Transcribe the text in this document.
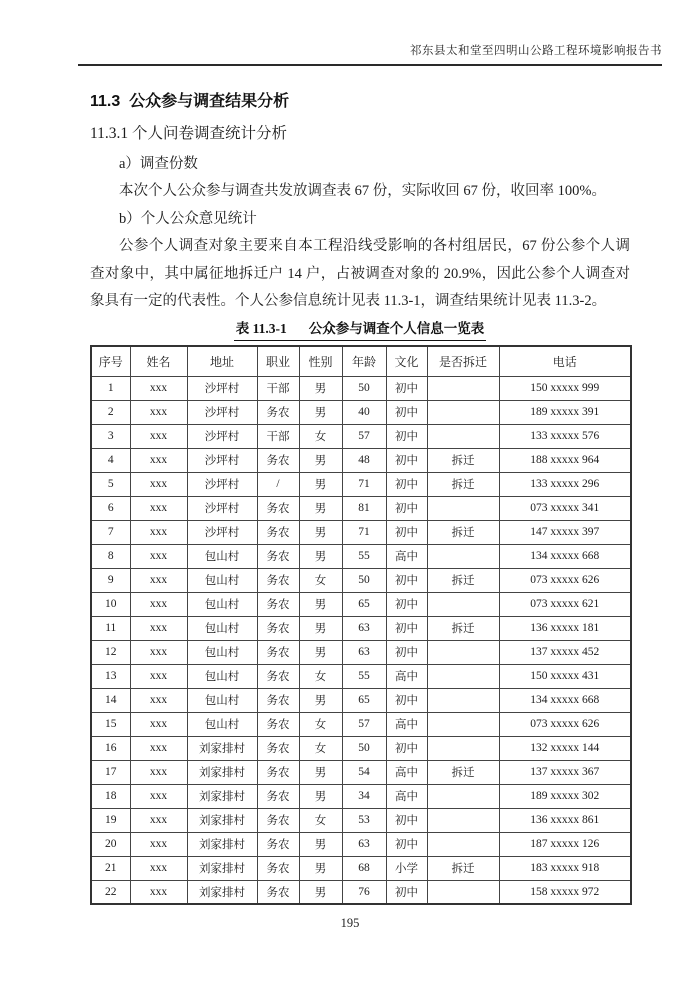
祁东县太和堂至四明山公路工程环境影响报告书
11.3  公众参与调查结果分析
11.3.1 个人问卷调查统计分析
a）调查份数
本次个人公众参与调查共发放调查表 67 份，实际收回 67 份，收回率 100%。
b）个人公众意见统计
公参个人调查对象主要来自本工程沿线受影响的各村组居民，67 份公参个人调查对象中，其中属征地拆迁户 14 户，占被调查对象的 20.9%，因此公参个人调查对象具有一定的代表性。个人公参信息统计见表 11.3-1，调查结果统计见表 11.3-2。
表 11.3-1 公众参与调查个人信息一览表
序号	姓名	地址	职业	性别	年龄	文化	是否拆迁	电话
1	xxx	沙坪村	干部	男	50	初中		150 xxxxx 999
2	xxx	沙坪村	务农	男	40	初中		189 xxxxx 391
3	xxx	沙坪村	干部	女	57	初中		133 xxxxx 576
4	xxx	沙坪村	务农	男	48	初中	拆迁	188 xxxxx 964
5	xxx	沙坪村	/	男	71	初中	拆迁	133 xxxxx 296
6	xxx	沙坪村	务农	男	81	初中		073 xxxxx 341
7	xxx	沙坪村	务农	男	71	初中	拆迁	147 xxxxx 397
8	xxx	包山村	务农	男	55	高中		134 xxxxx 668
9	xxx	包山村	务农	女	50	初中	拆迁	073 xxxxx 626
10	xxx	包山村	务农	男	65	初中		073 xxxxx 621
11	xxx	包山村	务农	男	63	初中	拆迁	136 xxxxx 181
12	xxx	包山村	务农	男	63	初中		137 xxxxx 452
13	xxx	包山村	务农	女	55	高中		150 xxxxx 431
14	xxx	包山村	务农	男	65	初中		134 xxxxx 668
15	xxx	包山村	务农	女	57	高中		073 xxxxx 626
16	xxx	刘家排村	务农	女	50	初中		132 xxxxx 144
17	xxx	刘家排村	务农	男	54	高中	拆迁	137 xxxxx 367
18	xxx	刘家排村	务农	男	34	高中		189 xxxxx 302
19	xxx	刘家排村	务农	女	53	初中		136 xxxxx 861
20	xxx	刘家排村	务农	男	63	初中		187 xxxxx 126
21	xxx	刘家排村	务农	男	68	小学	拆迁	183 xxxxx 918
22	xxx	刘家排村	务农	男	76	初中		158 xxxxx 972
195
